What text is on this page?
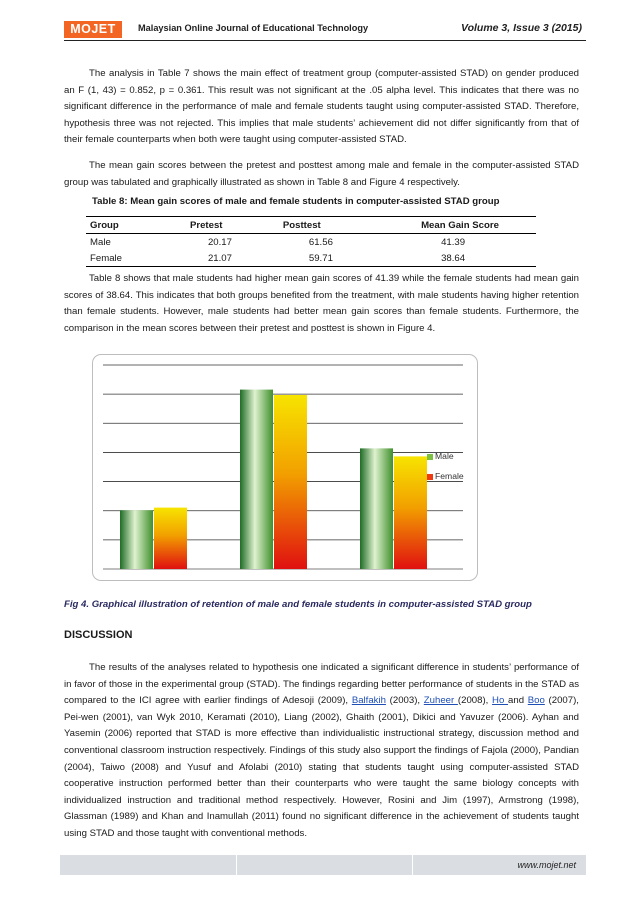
MOJET	Malaysian Online Journal of Educational Technology	Volume 3, Issue 3 (2015)

The analysis in Table 7 shows the main effect of treatment group (computer-assisted STAD) on gender produced an F (1, 43) = 0.852, p = 0.361. This result was not significant at the .05 alpha level. This indicates that there was no significant difference in the performance of male and female students taught using computer-assisted STAD. Therefore, hypothesis three was not rejected. This implies that male students’ achievement did not differ significantly from that of their female counterparts when both were taught using computer-assisted STAD.

The mean gain scores between the pretest and posttest among male and female in the computer-assisted STAD group was tabulated and graphically illustrated as shown in Table 8 and Figure 4 respectively.

Table 8: Mean gain scores of male and female students in computer-assisted STAD group
Group	Pretest	Posttest	Mean Gain Score
Male	20.17	61.56	41.39
Female	21.07	59.71	38.64

Table 8 shows that male students had higher mean gain scores of 41.39 while the female students had mean gain scores of 38.64. This indicates that both groups benefited from the treatment, with male students having higher retention than female students. However, male students had better mean gain scores than female students. Furthermore, the comparison in the mean scores between their pretest and posttest is shown in Figure 4.

Male
Female
Fig 4. Graphical illustration of retention of male and female students in computer-assisted STAD group
DISCUSSION

The results of the analyses related to hypothesis one indicated a significant difference in students’ performance of in favor of those in the experimental group (STAD). The findings regarding better performance of students in the STAD as compared to the ICI agree with earlier findings of Adesoji (2009), Balfakih (2003), Zuheer (2008), Ho and Boo (2007), Pei-wen (2001), van Wyk 2010, Keramati (2010), Liang (2002), Ghaith (2001), Dikici and Yavuzer (2006). Ayhan and Yasemin (2006) reported that STAD is more effective than individualistic instructional strategy, discussion method and conventional classroom instruction respectively. Findings of this study also support the findings of Fajola (2000), Pandian (2004), Taiwo (2008) and Yusuf and Afolabi (2010) stating that students taught using computer-assisted STAD cooperative instruction performed better than their counterparts who were taught the same biology concepts with individualized instruction and traditional method respectively. However, Rosini and Jim (1997), Armstrong (1998), Glassman (1989) and Khan and Inamullah (2011) found no significant difference in the achievement of students taught using STAD and those taught with conventional methods.

www.mojet.net
